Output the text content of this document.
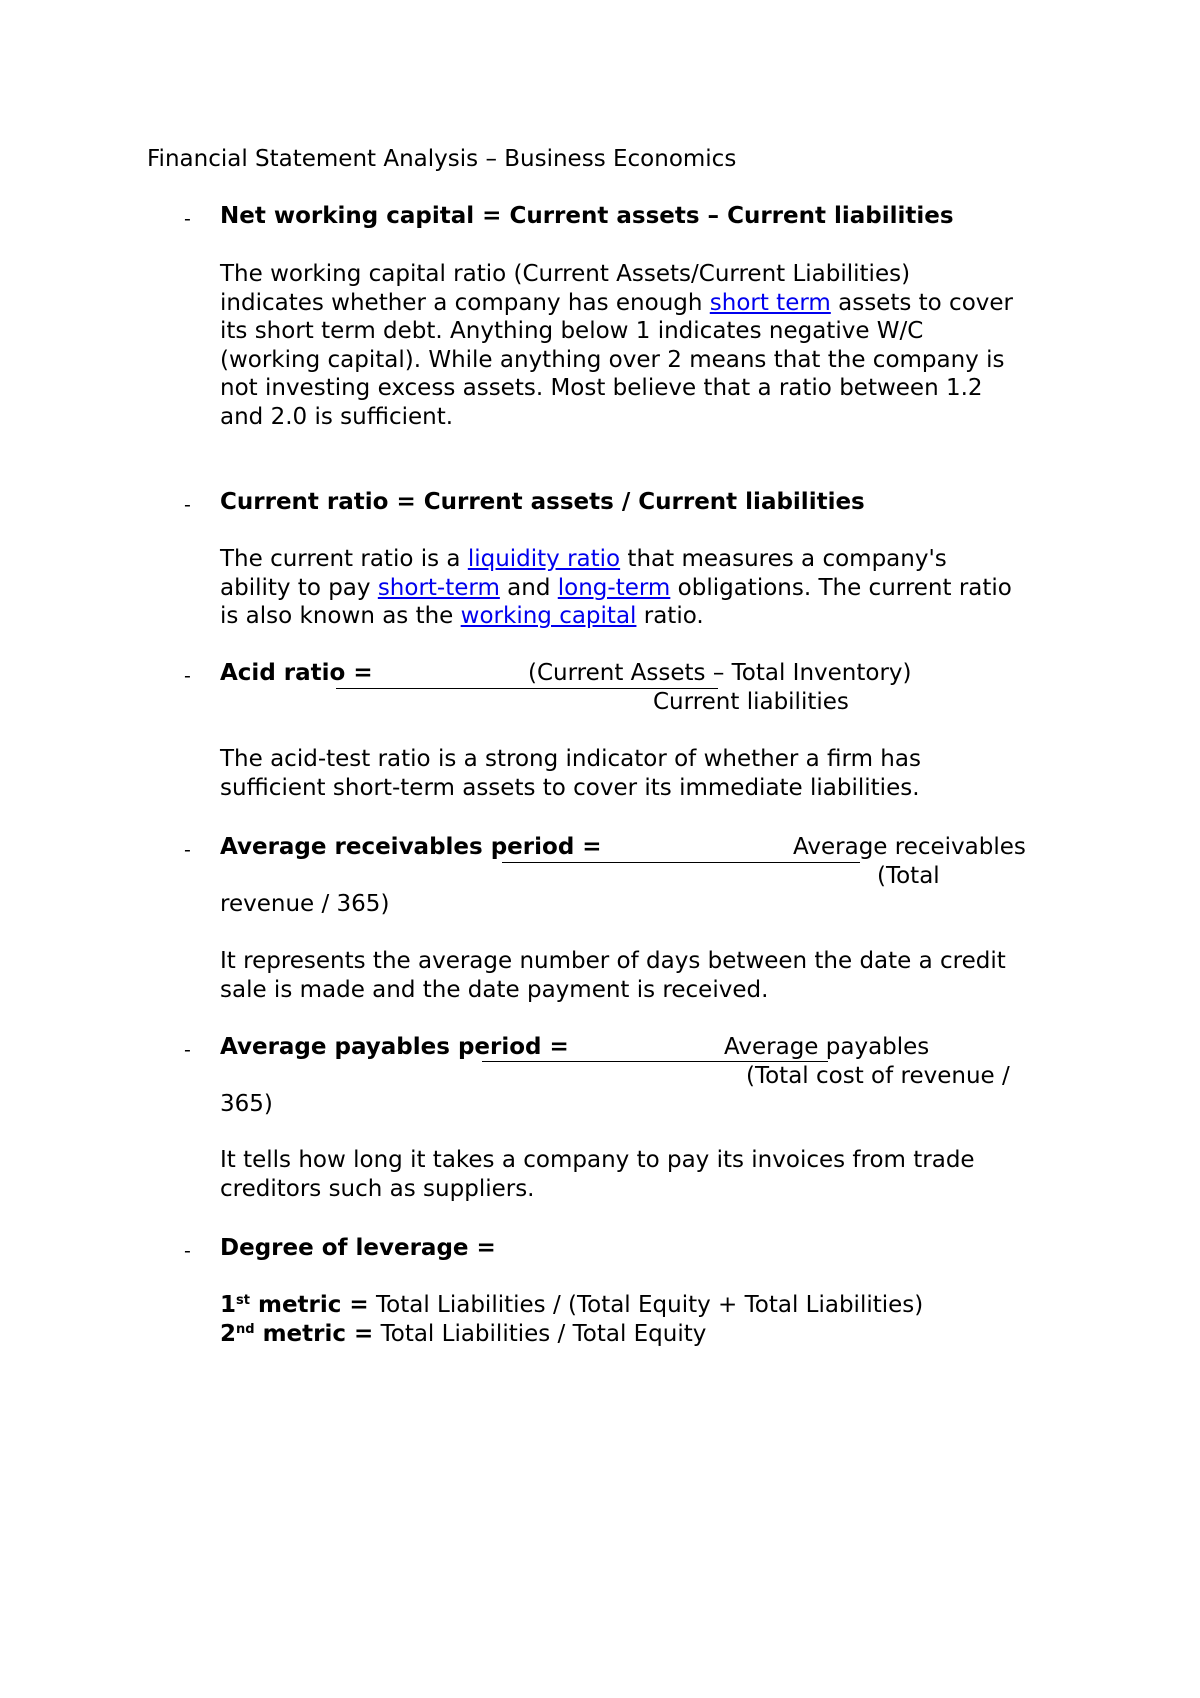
Financial Statement Analysis – Business Economics
- Net working capital = Current assets – Current liabilities
The working capital ratio (Current Assets/Current Liabilities)
indicates whether a company has enough short term assets to cover
its short term debt. Anything below 1 indicates negative W/C
(working capital). While anything over 2 means that the company is
not investing excess assets. Most believe that a ratio between 1.2
and 2.0 is sufficient.
- Current ratio = Current assets / Current liabilities
The current ratio is a liquidity ratio that measures a company's
ability to pay short-term and long-term obligations. The current ratio
is also known as the working capital ratio.
- Acid ratio =	(Current Assets – Total Inventory)
Current liabilities
The acid-test ratio is a strong indicator of whether a firm has
sufficient short-term assets to cover its immediate liabilities.
- Average receivables period =	Average receivables
(Total
revenue / 365)
It represents the average number of days between the date a credit
sale is made and the date payment is received.
- Average payables period =	Average payables
(Total cost of revenue /
365)
It tells how long it takes a company to pay its invoices from trade
creditors such as suppliers.
- Degree of leverage =
1st metric = Total Liabilities / (Total Equity + Total Liabilities)
2nd metric = Total Liabilities / Total Equity
